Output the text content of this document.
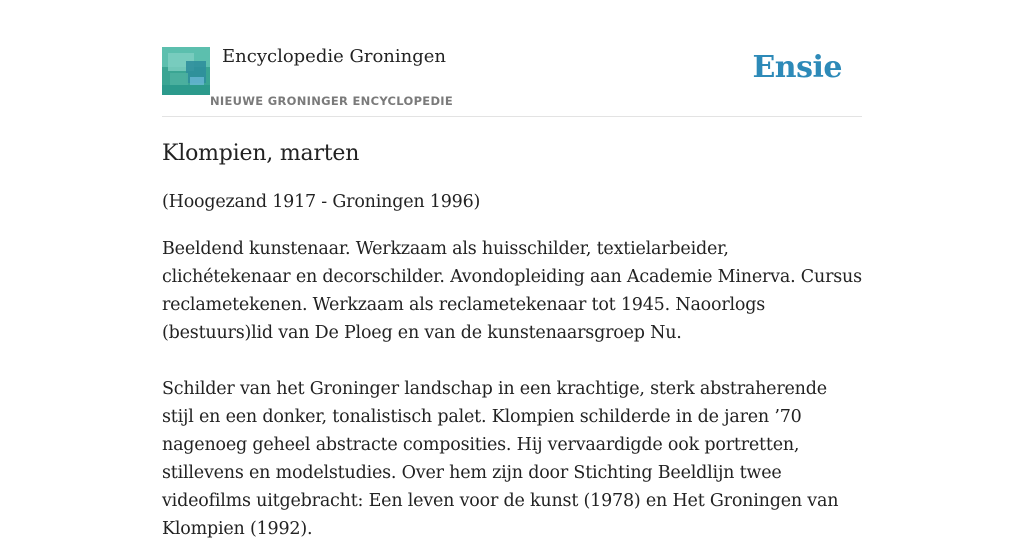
Encyclopedie Groningen
NIEUWE GRONINGER ENCYCLOPEDIE
Ensie
Klompien, marten

(Hoogezand 1917 - Groningen 1996)

Beeldend kunstenaar. Werkzaam als huisschilder, textielarbeider, clichétekenaar en decorschilder. Avondopleiding aan Academie Minerva. Cursus reclametekenen. Werkzaam als reclametekenaar tot 1945. Naoorlogs (bestuurs)lid van De Ploeg en van de kunstenaarsgroep Nu.

Schilder van het Groninger landschap in een krachtige, sterk abstraherende stijl en een donker, tonalistisch palet. Klompien schilderde in de jaren ’70 nagenoeg geheel abstracte composities. Hij vervaardigde ook portretten, stillevens en modelstudies. Over hem zijn door Stichting Beeldlijn twee videofilms uitgebracht: Een leven voor de kunst (1978) en Het Groningen van Klompien (1992).
